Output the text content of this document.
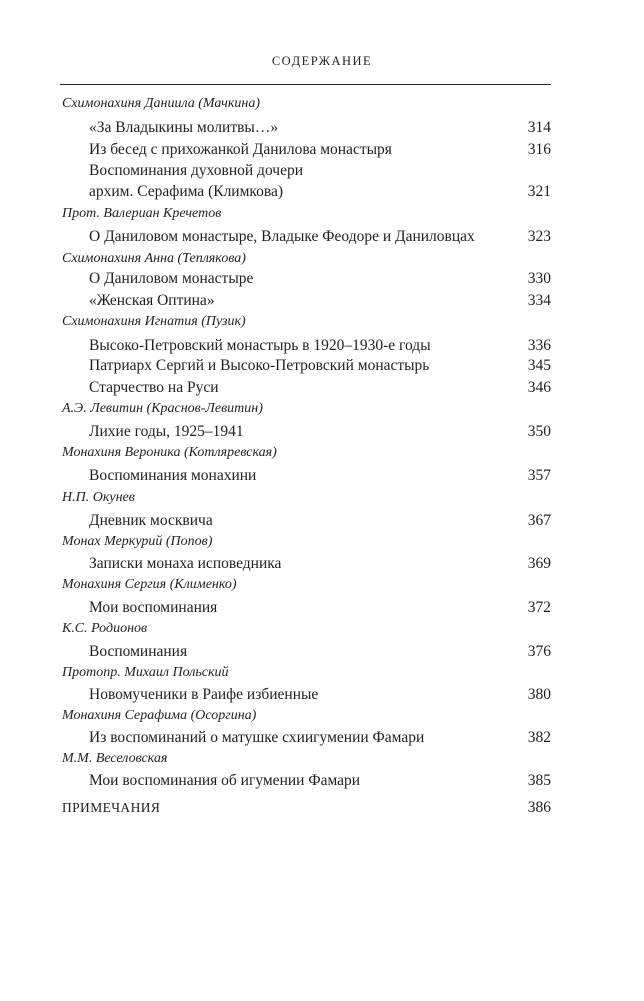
СОДЕРЖАНИЕ
Схимонахиня Даниила (Мачкина)
«За Владыкины молитвы…»	314
Из бесед с прихожанкой Данилова монастыря	316
Воспоминания духовной дочери
архим. Серафима (Климкова)	321
Прот. Валериан Кречетов
О Даниловом монастыре, Владыке Феодоре и Даниловцах	323
Схимонахиня Анна (Теплякова)
О Даниловом монастыре	330
«Женская Оптина»	334
Схимонахиня Игнатия (Пузик)
Высоко-Петровский монастырь в 1920–1930-е годы	336
Патриарх Сергий и Высоко-Петровский монастырь	345
Старчество на Руси	346
А.Э. Левитин (Краснов-Левитин)
Лихие годы, 1925–1941	350
Монахиня Вероника (Котляревская)
Воспоминания монахини	357
Н.П. Окунев
Дневник москвича	367
Монах Меркурий (Попов)
Записки монаха исповедника	369
Монахиня Сергия (Клименко)
Мои воспоминания	372
К.С. Родионов
Воспоминания	376
Протопр. Михаил Польский
Новомученики в Раифе избиенные	380
Монахиня Серафима (Осоргина)
Из воспоминаний о матушке схиигумении Фамари	382
М.М. Веселовская
Мои воспоминания об игумении Фамари	385
ПРИМЕЧАНИЯ	386
